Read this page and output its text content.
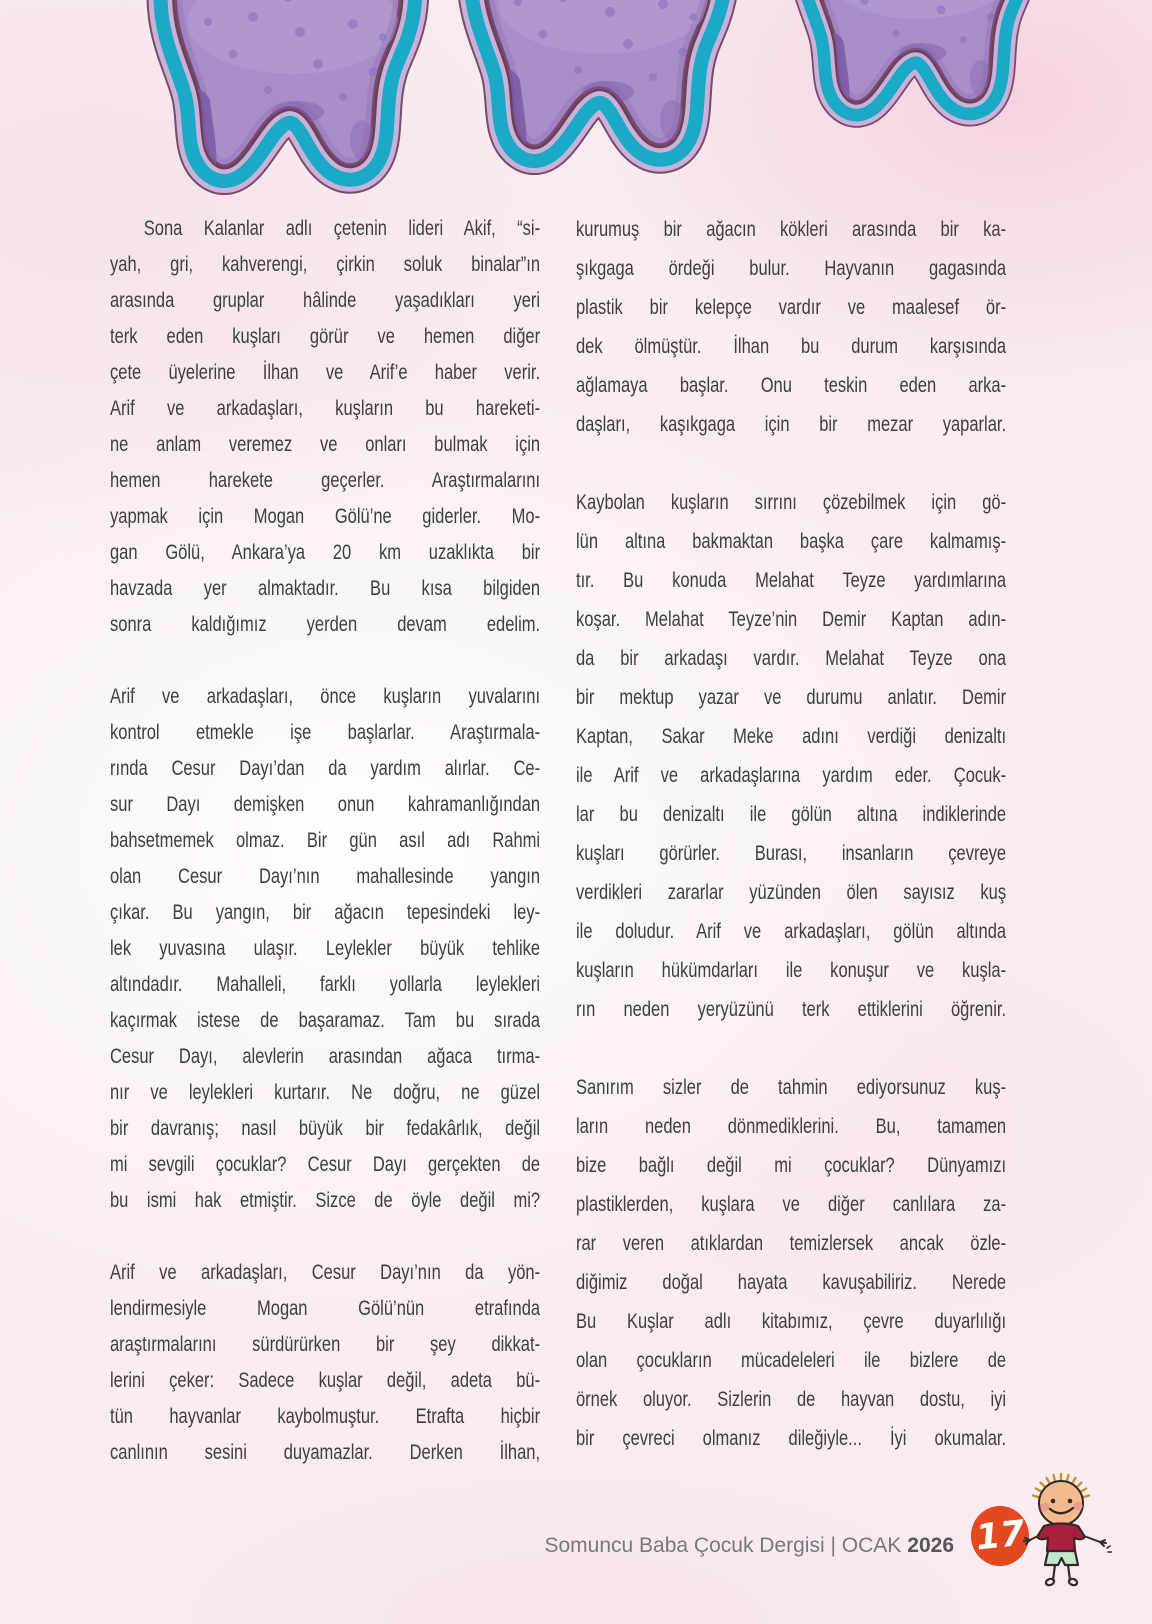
Sona Kalanlar adlı çetenin lideri Akif, “si-
yah, gri, kahverengi, çirkin soluk binalar”ın
arasında gruplar hâlinde yaşadıkları yeri
terk eden kuşları görür ve hemen diğer
çete üyelerine İlhan ve Arif’e haber verir.
Arif ve arkadaşları, kuşların bu hareketi-
ne anlam veremez ve onları bulmak için
hemen harekete geçerler. Araştırmalarını
yapmak için Mogan Gölü’ne giderler. Mo-
gan Gölü, Ankara’ya 20 km uzaklıkta bir
havzada yer almaktadır. Bu kısa bilgiden
sonra kaldığımız yerden devam edelim.
Arif ve arkadaşları, önce kuşların yuvalarını
kontrol etmekle işe başlarlar. Araştırmala-
rında Cesur Dayı’dan da yardım alırlar. Ce-
sur Dayı demişken onun kahramanlığından
bahsetmemek olmaz. Bir gün asıl adı Rahmi
olan Cesur Dayı’nın mahallesinde yangın
çıkar. Bu yangın, bir ağacın tepesindeki ley-
lek yuvasına ulaşır. Leylekler büyük tehlike
altındadır. Mahalleli, farklı yollarla leylekleri
kaçırmak istese de başaramaz. Tam bu sırada
Cesur Dayı, alevlerin arasından ağaca tırma-
nır ve leylekleri kurtarır. Ne doğru, ne güzel
bir davranış; nasıl büyük bir fedakârlık, değil
mi sevgili çocuklar? Cesur Dayı gerçekten de
bu ismi hak etmiştir. Sizce de öyle değil mi?
Arif ve arkadaşları, Cesur Dayı’nın da yön-
lendirmesiyle Mogan Gölü’nün etrafında
araştırmalarını sürdürürken bir şey dikkat-
lerini çeker: Sadece kuşlar değil, adeta bü-
tün hayvanlar kaybolmuştur. Etrafta hiçbir
canlının sesini duyamazlar. Derken İlhan,
kurumuş bir ağacın kökleri arasında bir ka-
şıkgaga ördeği bulur. Hayvanın gagasında
plastik bir kelepçe vardır ve maalesef ör-
dek ölmüştür. İlhan bu durum karşısında
ağlamaya başlar. Onu teskin eden arka-
daşları, kaşıkgaga için bir mezar yaparlar.
Kaybolan kuşların sırrını çözebilmek için gö-
lün altına bakmaktan başka çare kalmamış-
tır. Bu konuda Melahat Teyze yardımlarına
koşar. Melahat Teyze’nin Demir Kaptan adın-
da bir arkadaşı vardır. Melahat Teyze ona
bir mektup yazar ve durumu anlatır. Demir
Kaptan, Sakar Meke adını verdiği denizaltı
ile Arif ve arkadaşlarına yardım eder. Çocuk-
lar bu denizaltı ile gölün altına indiklerinde
kuşları görürler. Burası, insanların çevreye
verdikleri zararlar yüzünden ölen sayısız kuş
ile doludur. Arif ve arkadaşları, gölün altında
kuşların hükümdarları ile konuşur ve kuşla-
rın neden yeryüzünü terk ettiklerini öğrenir.
Sanırım sizler de tahmin ediyorsunuz kuş-
ların neden dönmediklerini. Bu, tamamen
bize bağlı değil mi çocuklar? Dünyamızı
plastiklerden, kuşlara ve diğer canlılara za-
rar veren atıklardan temizlersek ancak özle-
diğimiz doğal hayata kavuşabiliriz. Nerede
Bu Kuşlar adlı kitabımız, çevre duyarlılığı
olan çocukların mücadeleleri ile bizlere de
örnek oluyor. Sizlerin de hayvan dostu, iyi
bir çevreci olmanız dileğiyle... İyi okumalar.
Somuncu Baba Çocuk Dergisi | OCAK 2026 17
